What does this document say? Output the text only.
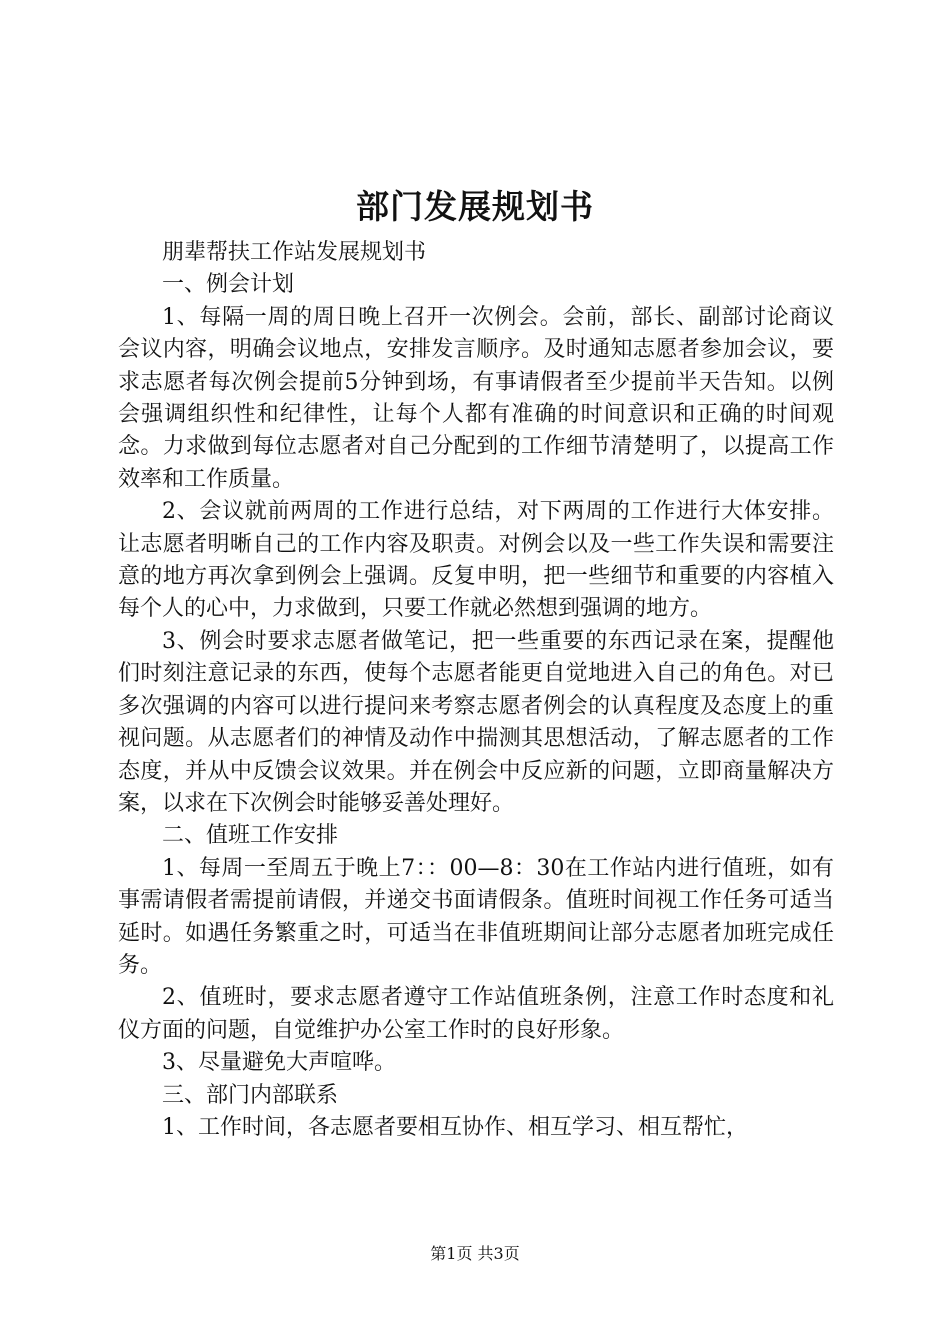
部门发展规划书

朋辈帮扶工作站发展规划书

一、例会计划

1、每隔一周的周日晚上召开一次例会。会前，部长、副部讨论商议会议内容，明确会议地点，安排发言顺序。及时通知志愿者参加会议，要求志愿者每次例会提前5分钟到场，有事请假者至少提前半天告知。以例会强调组织性和纪律性，让每个人都有准确的时间意识和正确的时间观念。力求做到每位志愿者对自己分配到的工作细节清楚明了，以提高工作效率和工作质量。

2、会议就前两周的工作进行总结，对下两周的工作进行大体安排。让志愿者明晰自己的工作内容及职责。对例会以及一些工作失误和需要注意的地方再次拿到例会上强调。反复申明，把一些细节和重要的内容植入每个人的心中，力求做到，只要工作就必然想到强调的地方。

3、例会时要求志愿者做笔记，把一些重要的东西记录在案，提醒他们时刻注意记录的东西，使每个志愿者能更自觉地进入自己的角色。对已多次强调的内容可以进行提问来考察志愿者例会的认真程度及态度上的重视问题。从志愿者们的神情及动作中揣测其思想活动，了解志愿者的工作态度，并从中反馈会议效果。并在例会中反应新的问题，立即商量解决方案，以求在下次例会时能够妥善处理好。

二、值班工作安排

1、每周一至周五于晚上7：：00—8：30在工作站内进行值班，如有事需请假者需提前请假，并递交书面请假条。值班时间视工作任务可适当延时。如遇任务繁重之时，可适当在非值班期间让部分志愿者加班完成任务。

2、值班时，要求志愿者遵守工作站值班条例，注意工作时态度和礼仪方面的问题，自觉维护办公室工作时的良好形象。

3、尽量避免大声喧哗。

三、部门内部联系

1、工作时间，各志愿者要相互协作、相互学习、相互帮忙，

第1页 共3页
